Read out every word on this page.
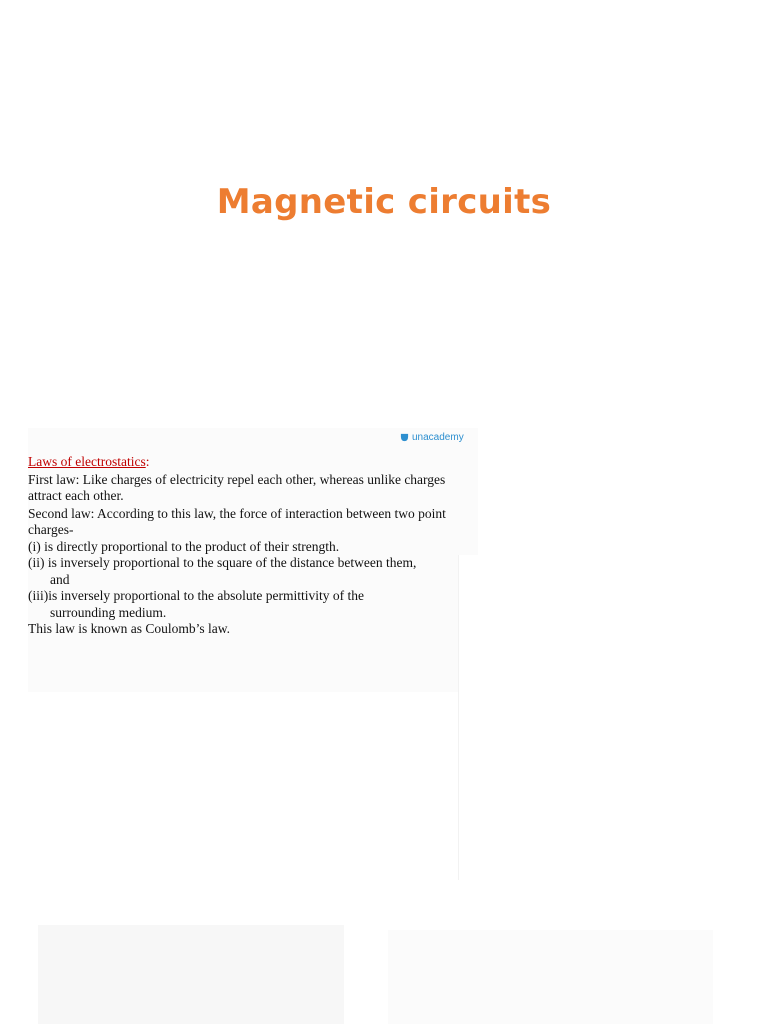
Magnetic circuits
unacademy

Laws of electrostatics:

First law: Like charges of electricity repel each other, whereas unlike charges attract each other.

Second law: According to this law, the force of interaction between two point charges-

(i) is directly proportional to the product of their strength.

(ii) is inversely proportional to the square of the distance between them,

and

(iii)is inversely proportional to the absolute permittivity of the

surrounding medium.

This law is known as Coulomb’s law.
